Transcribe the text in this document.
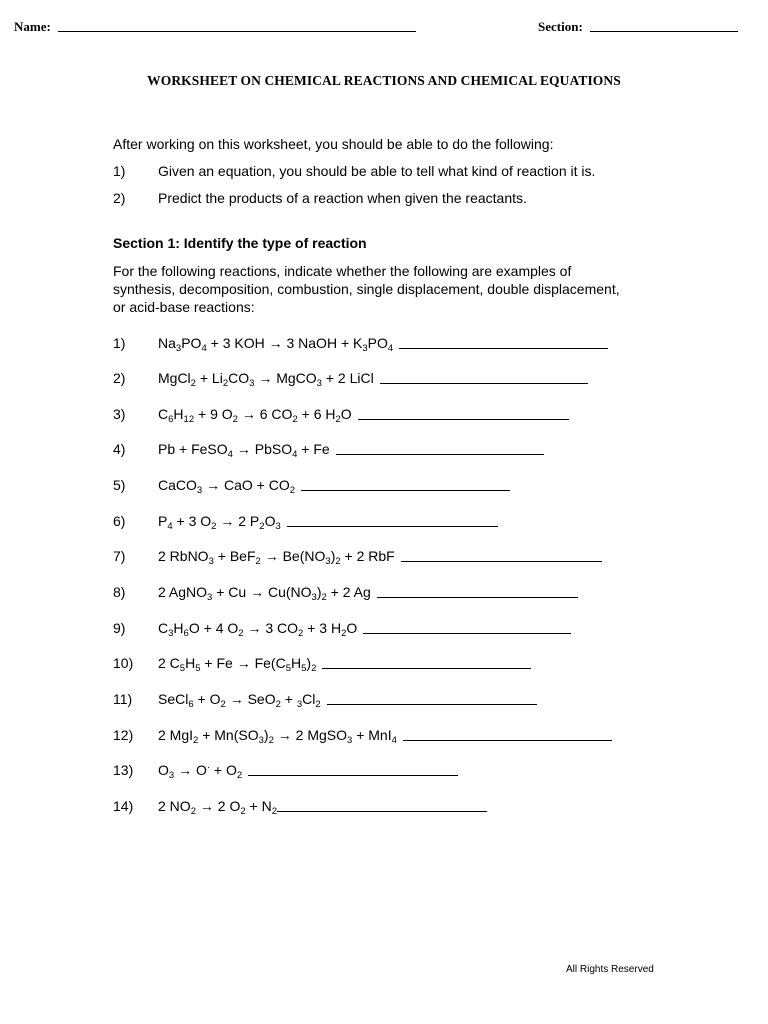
Name:	Section:
WORKSHEET ON CHEMICAL REACTIONS AND CHEMICAL EQUATIONS
After working on this worksheet, you should be able to do the following:
1) Given an equation, you should be able to tell what kind of reaction it is.
2) Predict the products of a reaction when given the reactants.
Section 1: Identify the type of reaction
For the following reactions, indicate whether the following are examples of synthesis, decomposition, combustion, single displacement, double displacement, or acid-base reactions:
1) $Na_3PO_4 + 3$ KOH → 3 NaOH + $K_3PO_4$
2) MgCl$_2$ + $Li_2CO_3$ → MgCO$_3$ + 2 LiCl
3) $C_6H_{12} + 9$ $O_2 \to 6$ $CO_2 + 6$ $H_2O$
4) Pb + FeSO$_4$ → PbSO$_4$ + Fe
5) CaCO$_3$ → CaO + $CO_2$
6) $P_4 + 3$ $O_2 \to 2$ $P_2O_3$
7) 2 RbNO$_3$ + $BeF_2 \to Be(NO_3)_2 + 2$ RbF
8) 2 AgNO$_3$ + $Cu \to Cu(NO_3)_2 + 2$ Ag
9) $C_3H_6O + 4$ $O_2 \to 3$ $CO_2 + 3$ $H_2O$
10) 2 $C_5H_5 + Fe \to Fe(C_5H_5)_2$
11) SeCl$_6$ + $O_2 \to SeO_2 + _3Cl_2$
12) 2 $MgI_2 + Mn(SO_3)_2 \to 2$ MgSO$_3$ + MnI$_4$
13) $O_3 \to O^\cdot + O_2$
14) 2 $NO_2 \to 2$ $O_2 + N_2$
All Rights Reserved
